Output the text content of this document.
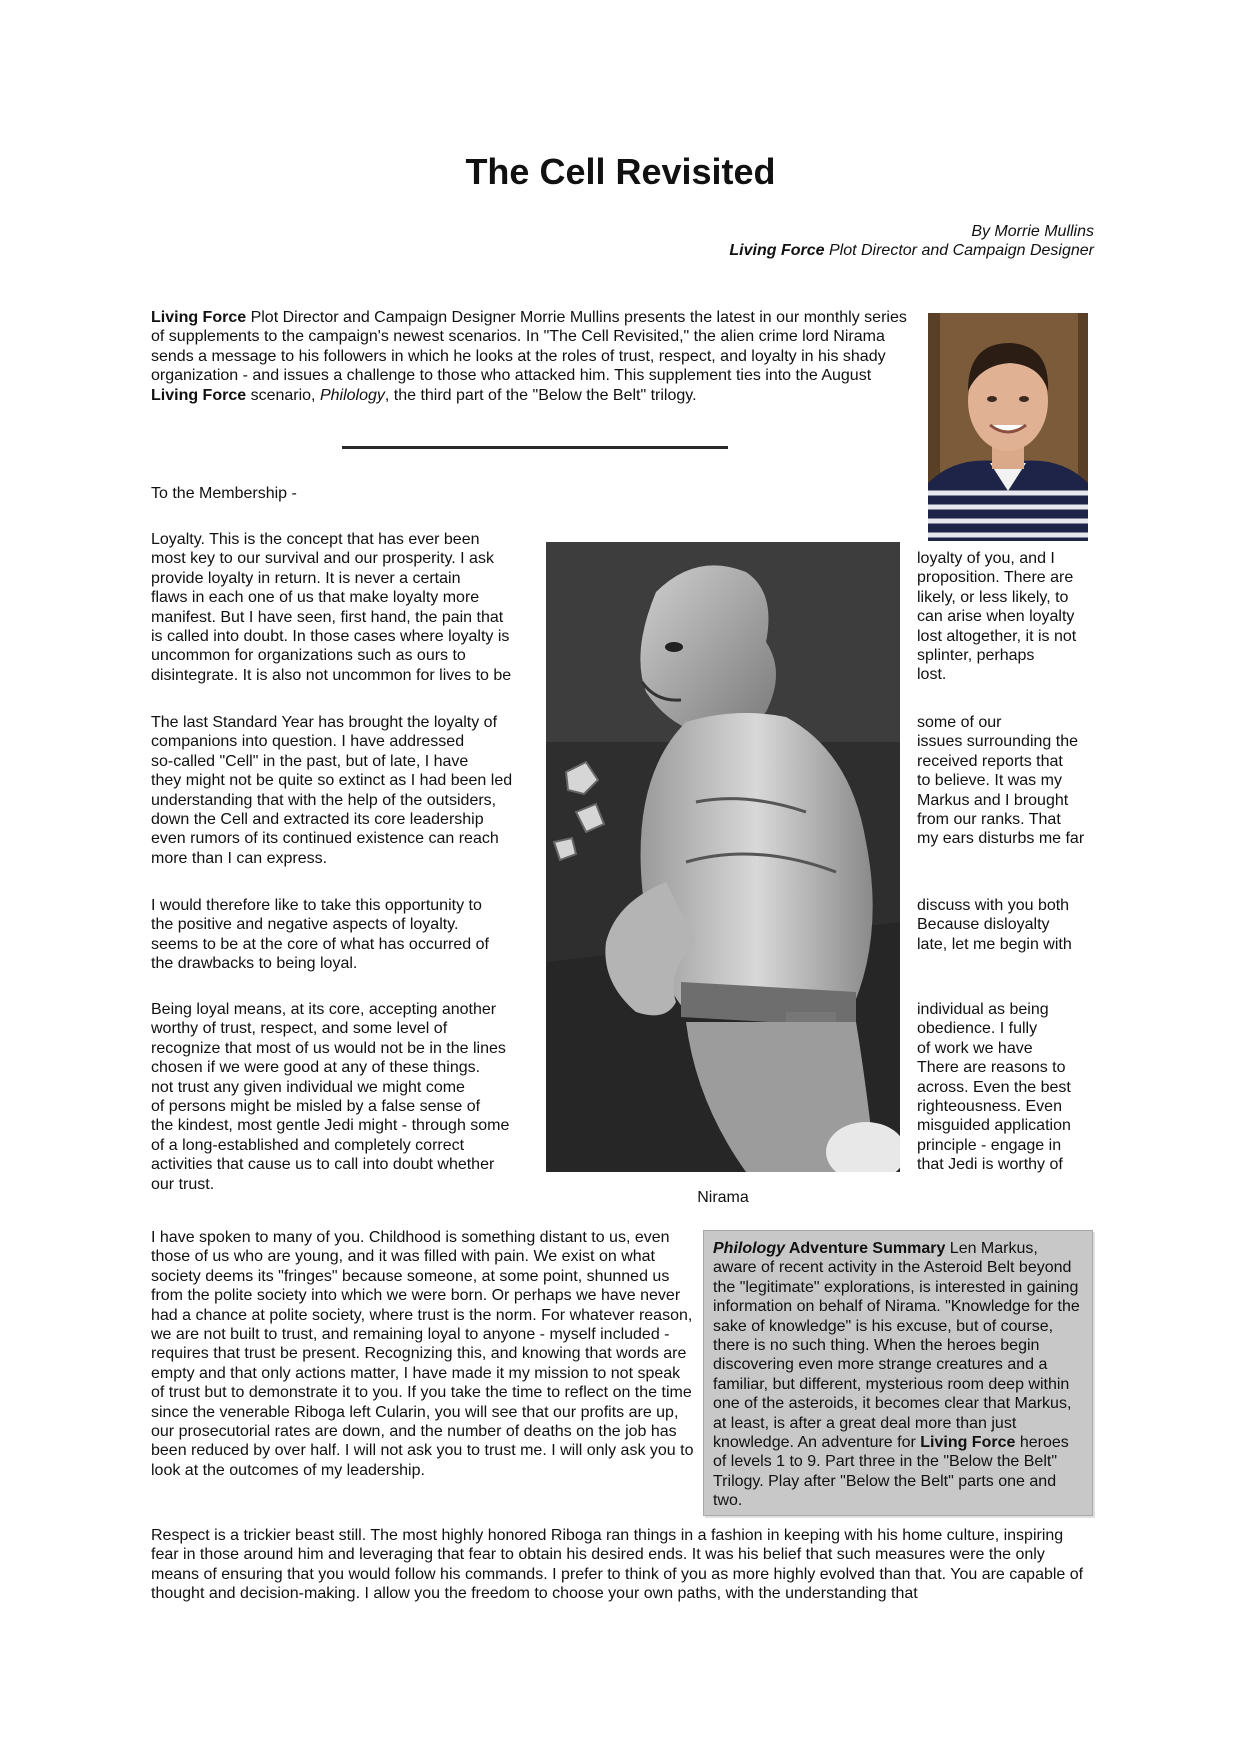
The Cell Revisited
By Morrie Mullins
Living Force Plot Director and Campaign Designer
Living Force Plot Director and Campaign Designer Morrie Mullins presents the latest in our monthly series of supplements to the campaign's newest scenarios. In "The Cell Revisited," the alien crime lord Nirama sends a message to his followers in which he looks at the roles of trust, respect, and loyalty in his shady organization - and issues a challenge to those who attacked him. This supplement ties into the August Living Force scenario, Philology, the third part of the "Below the Belt" trilogy.
To the Membership -
Loyalty. This is the concept that has ever been
most key to our survival and our prosperity. I ask
provide loyalty in return. It is never a certain
flaws in each one of us that make loyalty more
manifest. But I have seen, first hand, the pain that
is called into doubt. In those cases where loyalty is
uncommon for organizations such as ours to
disintegrate. It is also not uncommon for lives to be
loyalty of you, and I
proposition. There are
likely, or less likely, to
can arise when loyalty
lost altogether, it is not
splinter, perhaps
lost.
The last Standard Year has brought the loyalty of
companions into question. I have addressed
so-called "Cell" in the past, but of late, I have
they might not be quite so extinct as I had been led
understanding that with the help of the outsiders,
down the Cell and extracted its core leadership
even rumors of its continued existence can reach
more than I can express.
some of our
issues surrounding the
received reports that
to believe. It was my
Markus and I brought
from our ranks. That
my ears disturbs me far
I would therefore like to take this opportunity to
the positive and negative aspects of loyalty.
seems to be at the core of what has occurred of
the drawbacks to being loyal.
discuss with you both
Because disloyalty
late, let me begin with
Being loyal means, at its core, accepting another
worthy of trust, respect, and some level of
recognize that most of us would not be in the lines
chosen if we were good at any of these things.
not trust any given individual we might come
of persons might be misled by a false sense of
the kindest, most gentle Jedi might - through some
of a long-established and completely correct
activities that cause us to call into doubt whether
our trust.
individual as being
obedience. I fully
of work we have
There are reasons to
across. Even the best
righteousness. Even
misguided application
principle - engage in
that Jedi is worthy of
Nirama
I have spoken to many of you. Childhood is something distant to us, even those of us who are young, and it was filled with pain. We exist on what society deems its "fringes" because someone, at some point, shunned us from the polite society into which we were born. Or perhaps we have never had a chance at polite society, where trust is the norm. For whatever reason, we are not built to trust, and remaining loyal to anyone - myself included - requires that trust be present. Recognizing this, and knowing that words are empty and that only actions matter, I have made it my mission to not speak of trust but to demonstrate it to you. If you take the time to reflect on the time since the venerable Riboga left Cularin, you will see that our profits are up, our prosecutorial rates are down, and the number of deaths on the job has been reduced by over half. I will not ask you to trust me. I will only ask you to look at the outcomes of my leadership.
Philology Adventure Summary Len Markus, aware of recent activity in the Asteroid Belt beyond the "legitimate" explorations, is interested in gaining information on behalf of Nirama. "Knowledge for the sake of knowledge" is his excuse, but of course, there is no such thing. When the heroes begin discovering even more strange creatures and a familiar, but different, mysterious room deep within one of the asteroids, it becomes clear that Markus, at least, is after a great deal more than just knowledge. An adventure for Living Force heroes of levels 1 to 9. Part three in the "Below the Belt" Trilogy. Play after "Below the Belt" parts one and two.
Respect is a trickier beast still. The most highly honored Riboga ran things in a fashion in keeping with his home culture, inspiring fear in those around him and leveraging that fear to obtain his desired ends. It was his belief that such measures were the only means of ensuring that you would follow his commands. I prefer to think of you as more highly evolved than that. You are capable of thought and decision-making. I allow you the freedom to choose your own paths, with the understanding that
